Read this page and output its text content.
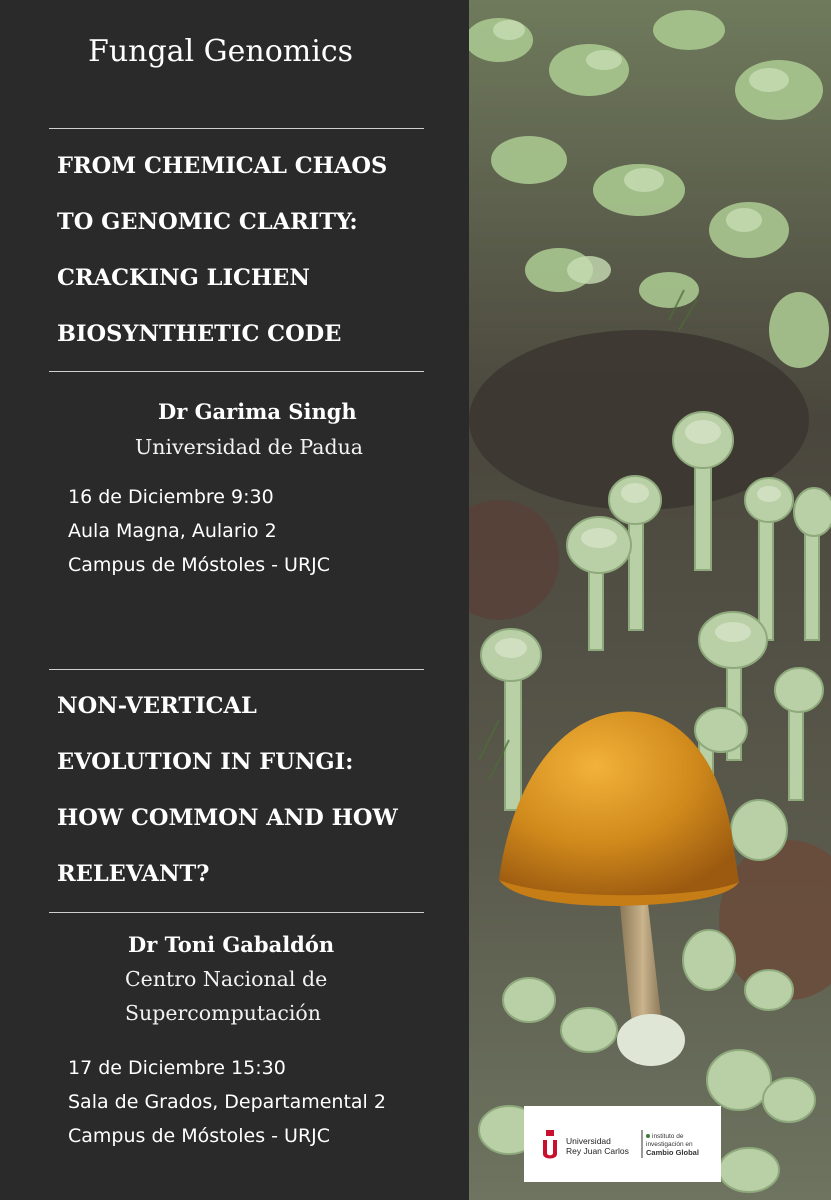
Fungal Genomics
FROM CHEMICAL CHAOS
TO GENOMIC CLARITY:
CRACKING LICHEN
BIOSYNTHETIC CODE

Dr Garima Singh

Universidad de Padua
16 de Diciembre 9:30
Aula Magna, Aulario 2
Campus de Móstoles - URJC
NON-VERTICAL
EVOLUTION IN FUNGI:
HOW COMMON AND HOW
RELEVANT?

Dr Toni Gabaldón

Centro Nacional de
Supercomputación
17 de Diciembre 15:30
Sala de Grados, Departamental 2
Campus de Móstoles - URJC	Universidad
Rey Juan Carlos
instituto de
investigación en
Cambio Global
